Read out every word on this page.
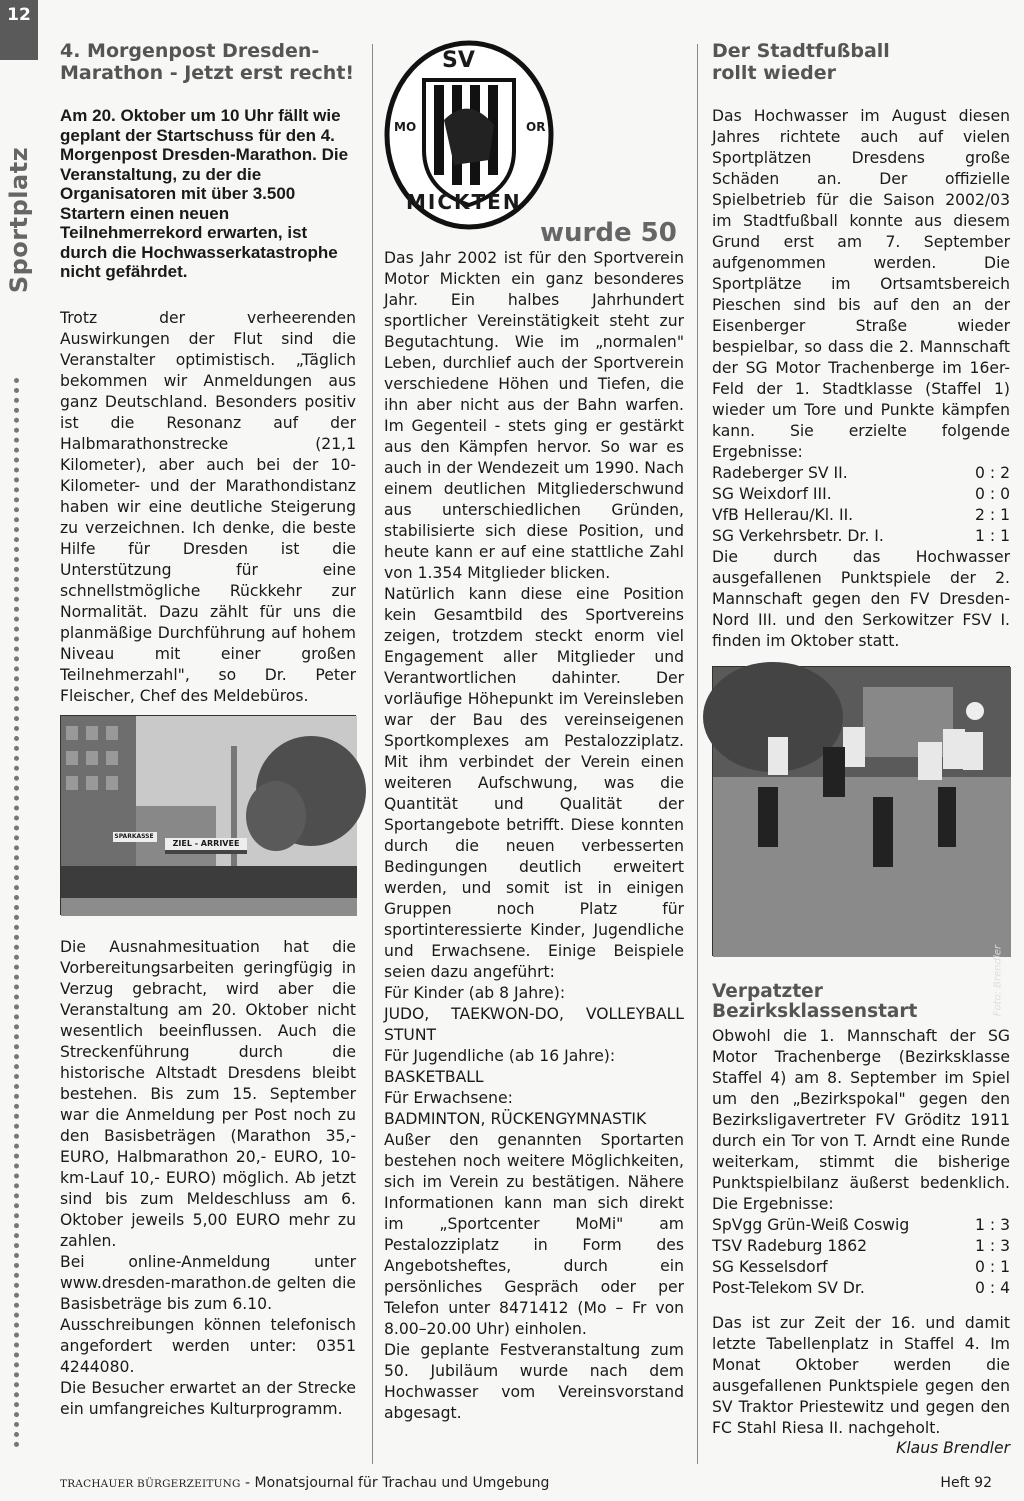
12
Sportplatz
4. Morgenpost Dresden-Marathon - Jetzt erst recht!
Am 20. Oktober um 10 Uhr fällt wie geplant der Startschuss für den 4. Morgenpost Dresden-Marathon. Die Veranstaltung, zu der die Organisatoren mit über 3.500 Startern einen neuen Teilnehmerrekord erwarten, ist durch die Hochwasserkatastrophe nicht gefährdet.

Trotz der verheerenden Auswirkungen der Flut sind die Veranstalter optimistisch. „Täglich bekommen wir Anmeldungen aus ganz Deutschland. Besonders positiv ist die Resonanz auf der Halbmarathonstrecke (21,1 Kilometer), aber auch bei der 10-Kilometer- und der Marathondistanz haben wir eine deutliche Steigerung zu verzeichnen. Ich denke, die beste Hilfe für Dresden ist die Unterstützung für eine schnellstmögliche Rückkehr zur Normalität. Dazu zählt für uns die planmäßige Durchführung auf hohem Niveau mit einer großen Teilnehmerzahl", so Dr. Peter Fleischer, Chef des Meldebüros.

SPARKASSE
ZIEL - ARRIVEE

Die Ausnahmesituation hat die Vorbereitungsarbeiten geringfügig in Verzug gebracht, wird aber die Veranstaltung am 20. Oktober nicht wesentlich beeinflussen. Auch die Streckenführung durch die historische Altstadt Dresdens bleibt bestehen. Bis zum 15. September war die Anmeldung per Post noch zu den Basisbeträgen (Marathon 35,- EURO, Halbmarathon 20,- EURO, 10-km-Lauf 10,- EURO) möglich. Ab jetzt sind bis zum Meldeschluss am 6. Oktober jeweils 5,00 EURO mehr zu zahlen.

Bei online-Anmeldung unter www.dresden-marathon.de gelten die Basisbeträge bis zum 6.10.

Ausschreibungen können telefonisch angefordert werden unter: 0351 4244080.

Die Besucher erwartet an der Strecke ein umfangreiches Kulturprogramm.

SV
MO	OR
MICKTEN
wurde 50

Das Jahr 2002 ist für den Sportverein Motor Mickten ein ganz besonderes Jahr. Ein halbes Jahrhundert sportlicher Vereinstätigkeit steht zur Begutachtung. Wie im „normalen" Leben, durchlief auch der Sportverein verschiedene Höhen und Tiefen, die ihn aber nicht aus der Bahn warfen. Im Gegenteil - stets ging er gestärkt aus den Kämpfen hervor. So war es auch in der Wendezeit um 1990. Nach einem deutlichen Mitgliederschwund aus unterschiedlichen Gründen, stabilisierte sich diese Position, und heute kann er auf eine stattliche Zahl von 1.354 Mitglieder blicken.

Natürlich kann diese eine Position kein Gesamtbild des Sportvereins zeigen, trotzdem steckt enorm viel Engagement aller Mitglieder und Verantwortlichen dahinter. Der vorläufige Höhepunkt im Vereinsleben war der Bau des vereinseigenen Sportkomplexes am Pestalozziplatz. Mit ihm verbindet der Verein einen weiteren Aufschwung, was die Quantität und Qualität der Sportangebote betrifft. Diese konnten durch die neuen verbesserten Bedingungen deutlich erweitert werden, und somit ist in einigen Gruppen noch Platz für sportinteressierte Kinder, Jugendliche und Erwachsene. Einige Beispiele seien dazu angeführt:

Für Kinder (ab 8 Jahre):

JUDO, TAEKWON-DO, VOLLEYBALL STUNT

Für Jugendliche (ab 16 Jahre):

BASKETBALL

Für Erwachsene:

BADMINTON, RÜCKENGYMNASTIK

Außer den genannten Sportarten bestehen noch weitere Möglichkeiten, sich im Verein zu bestätigen. Nähere Informationen kann man sich direkt im „Sportcenter MoMi" am Pestalozziplatz in Form des Angebotsheftes, durch ein persönliches Gespräch oder per Telefon unter 8471412 (Mo – Fr von 8.00–20.00 Uhr) einholen.

Die geplante Festveranstaltung zum 50. Jubiläum wurde nach dem Hochwasser vom Vereinsvorstand abgesagt.

Der Stadtfußball rollt wieder

Das Hochwasser im August diesen Jahres richtete auch auf vielen Sportplätzen Dresdens große Schäden an. Der offizielle Spielbetrieb für die Saison 2002/03 im Stadtfußball konnte aus diesem Grund erst am 7. September aufgenommen werden. Die Sportplätze im Ortsamtsbereich Pieschen sind bis auf den an der Eisenberger Straße wieder bespielbar, so dass die 2. Mannschaft der SG Motor Trachenberge im 16er-Feld der 1. Stadtklasse (Staffel 1) wieder um Tore und Punkte kämpfen kann. Sie erzielte folgende Ergebnisse:

Radeberger SV II.	0 : 2
SG Weixdorf III.	0 : 0
VfB Hellerau/Kl. II.	2 : 1
SG Verkehrsbetr. Dr. I.	1 : 1

Die durch das Hochwasser ausgefallenen Punktspiele der 2. Mannschaft gegen den FV Dresden-Nord III. und den Serkowitzer FSV I. finden im Oktober statt.

Foto: Brendler
Verpatzter Bezirksklassenstart

Obwohl die 1. Mannschaft der SG Motor Trachenberge (Bezirksklasse Staffel 4) am 8. September im Spiel um den „Bezirkspokal" gegen den Bezirksligavertreter FV Gröditz 1911 durch ein Tor von T. Arndt eine Runde weiterkam, stimmt die bisherige Punktspielbilanz äußerst bedenklich. Die Ergebnisse:

SpVgg Grün-Weiß Coswig	1 : 3
TSV Radeburg 1862	1 : 3
SG Kesselsdorf	0 : 1
Post-Telekom SV Dr.	0 : 4

Das ist zur Zeit der 16. und damit letzte Tabellenplatz in Staffel 4. Im Monat Oktober werden die ausgefallenen Punktspiele gegen den SV Traktor Priestewitz und gegen den FC Stahl Riesa II. nachgeholt.

Klaus Brendler
TRACHAUER BÜRGERZEITUNG - Monatsjournal für Trachau und Umgebung	Heft 92
